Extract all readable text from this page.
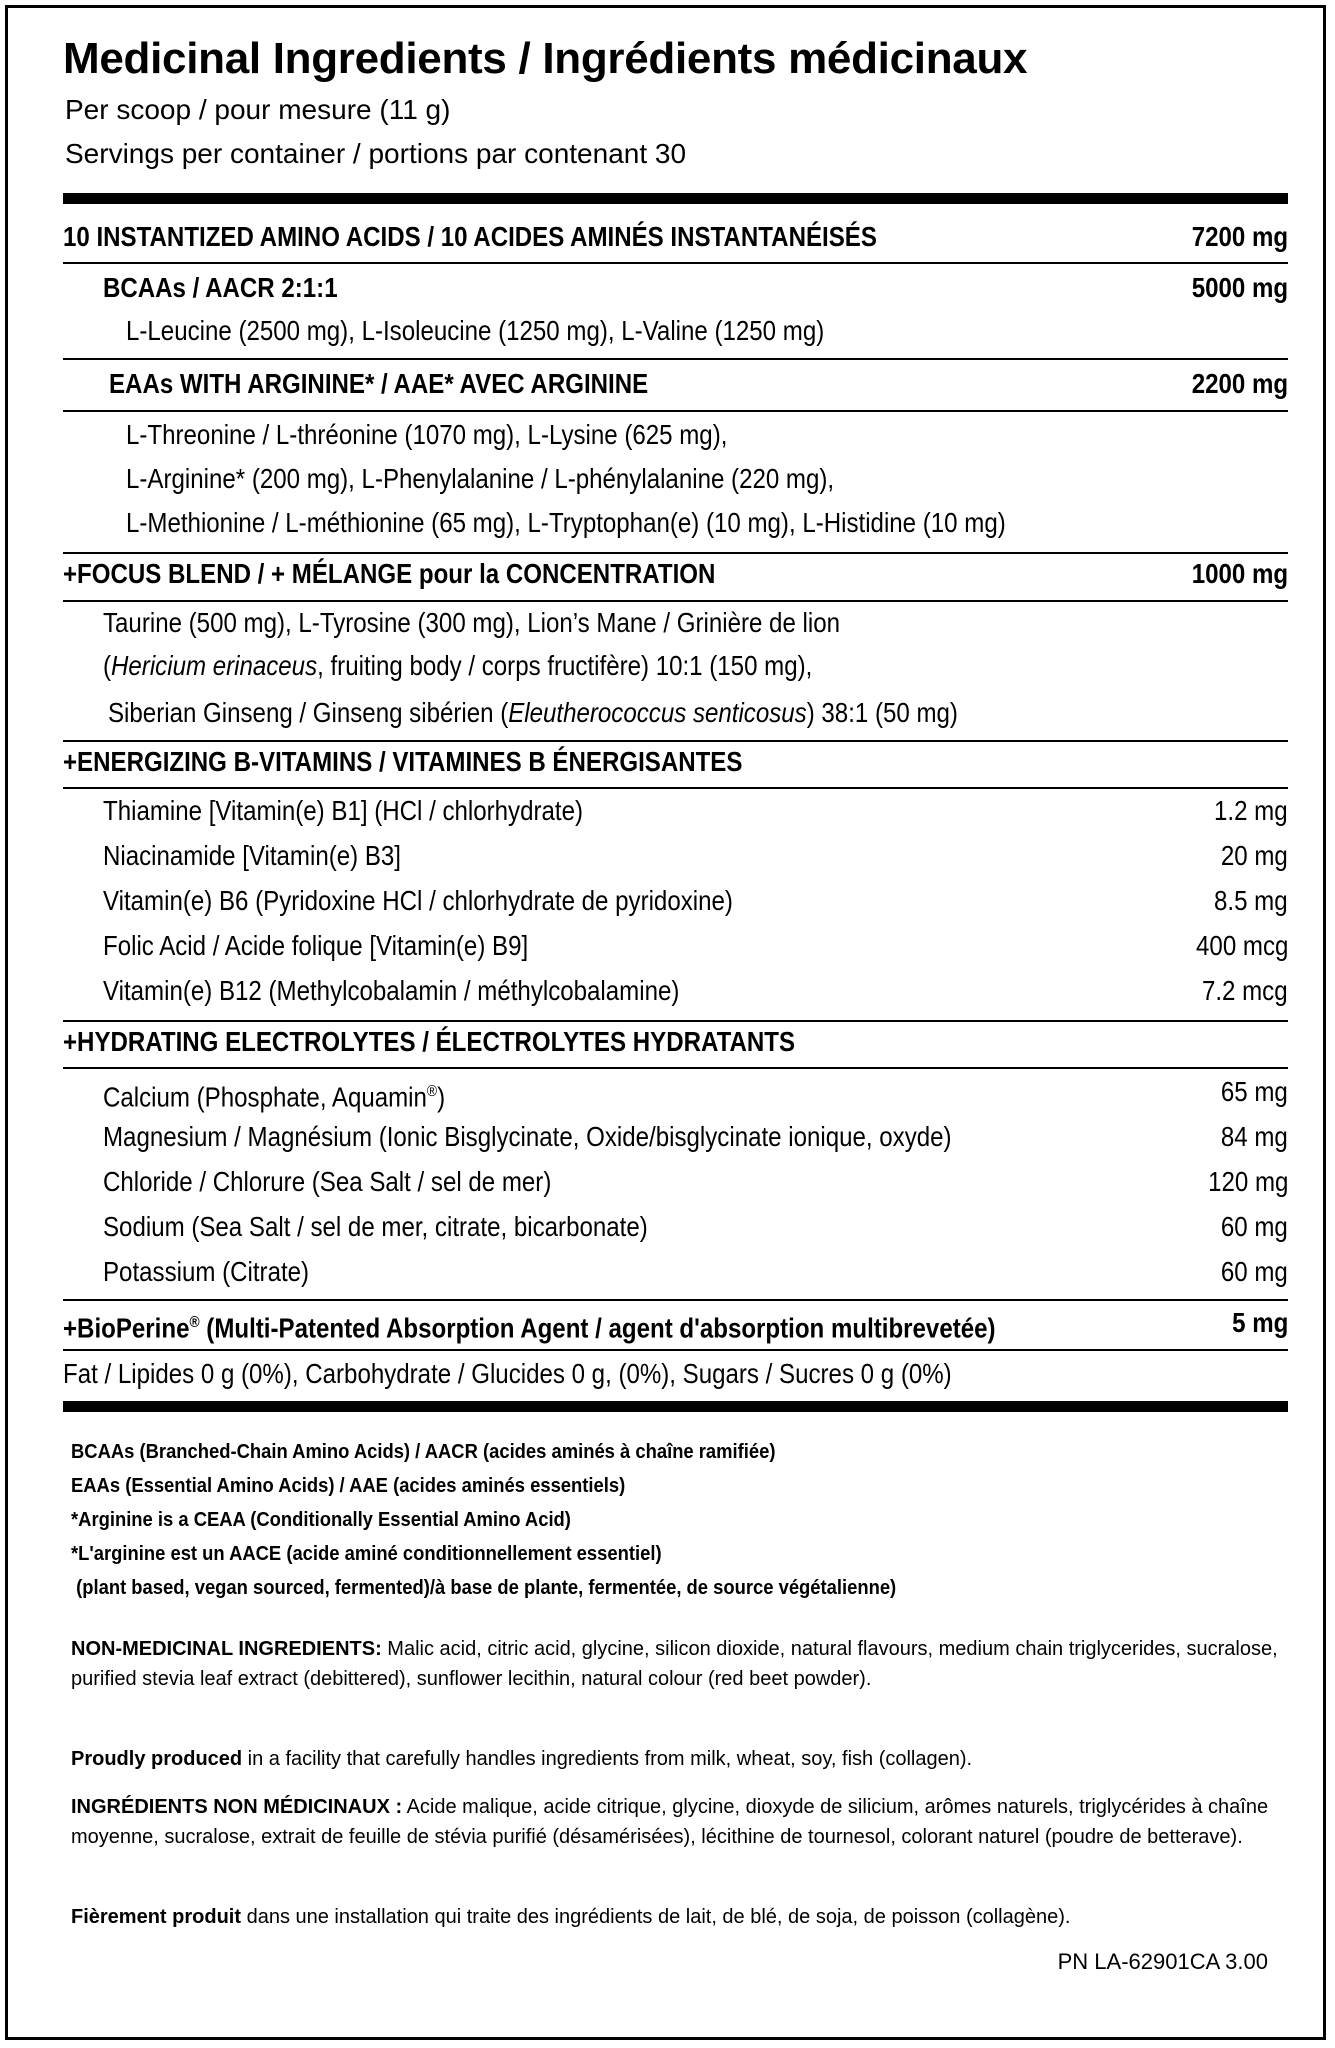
Medicinal Ingredients / Ingrédients médicinaux
Per scoop / pour mesure (11 g)
Servings per container / portions par contenant 30
10 INSTANTIZED AMINO ACIDS / 10 ACIDES AMINÉS INSTANTANÉISÉS	7200 mg
BCAAs / AACR 2:1:1	5000 mg
L-Leucine (2500 mg), L-Isoleucine (1250 mg), L-Valine (1250 mg)
EAAs WITH ARGININE* / AAE* AVEC ARGININE	2200 mg
L-Threonine / L-thréonine (1070 mg), L-Lysine (625 mg),
L-Arginine* (200 mg), L-Phenylalanine / L-phénylalanine (220 mg),
L-Methionine / L-méthionine (65 mg), L-Tryptophan(e) (10 mg), L-Histidine (10 mg)
+FOCUS BLEND / + MÉLANGE pour la CONCENTRATION	1000 mg
Taurine (500 mg), L-Tyrosine (300 mg), Lion’s Mane / Grinière de lion
(Hericium erinaceus, fruiting body / corps fructifère) 10:1 (150 mg),
Siberian Ginseng / Ginseng sibérien (Eleutherococcus senticosus) 38:1 (50 mg)
+ENERGIZING B-VITAMINS / VITAMINES B ÉNERGISANTES
Thiamine [Vitamin(e) B1] (HCl / chlorhydrate)	1.2 mg
Niacinamide [Vitamin(e) B3]	20 mg
Vitamin(e) B6 (Pyridoxine HCl / chlorhydrate de pyridoxine)	8.5 mg
Folic Acid / Acide folique [Vitamin(e) B9]	400 mcg
Vitamin(e) B12 (Methylcobalamin / méthylcobalamine)	7.2 mcg
+HYDRATING ELECTROLYTES / ÉLECTROLYTES HYDRATANTS
Calcium (Phosphate, Aquamin®)	65 mg
Magnesium / Magnésium (Ionic Bisglycinate, Oxide/bisglycinate ionique, oxyde)	84 mg
Chloride / Chlorure (Sea Salt / sel de mer)	120 mg
Sodium (Sea Salt / sel de mer, citrate, bicarbonate)	60 mg
Potassium (Citrate)	60 mg
+BioPerine® (Multi-Patented Absorption Agent / agent d'absorption multibrevetée)	5 mg
Fat / Lipides 0 g (0%), Carbohydrate / Glucides 0 g, (0%), Sugars / Sucres 0 g (0%)
BCAAs (Branched-Chain Amino Acids) / AACR (acides aminés à chaîne ramifiée)
EAAs (Essential Amino Acids) / AAE (acides aminés essentiels)
*Arginine is a CEAA (Conditionally Essential Amino Acid)
*L'arginine est un AACE (acide aminé conditionnellement essentiel)
(plant based, vegan sourced, fermented)/à base de plante, fermentée, de source végétalienne)
NON-MEDICINAL INGREDIENTS: Malic acid, citric acid, glycine, silicon dioxide, natural flavours, medium chain triglycerides, sucralose, purified stevia leaf extract (debittered), sunflower lecithin, natural colour (red beet powder).
Proudly produced in a facility that carefully handles ingredients from milk, wheat, soy, fish (collagen).
INGRÉDIENTS NON MÉDICINAUX : Acide malique, acide citrique, glycine, dioxyde de silicium, arômes naturels, triglycérides à chaîne moyenne, sucralose, extrait de feuille de stévia purifié (désamérisées), lécithine de tournesol, colorant naturel (poudre de betterave).
Fièrement produit dans une installation qui traite des ingrédients de lait, de blé, de soja, de poisson (collagène).
PN LA-62901CA 3.00
